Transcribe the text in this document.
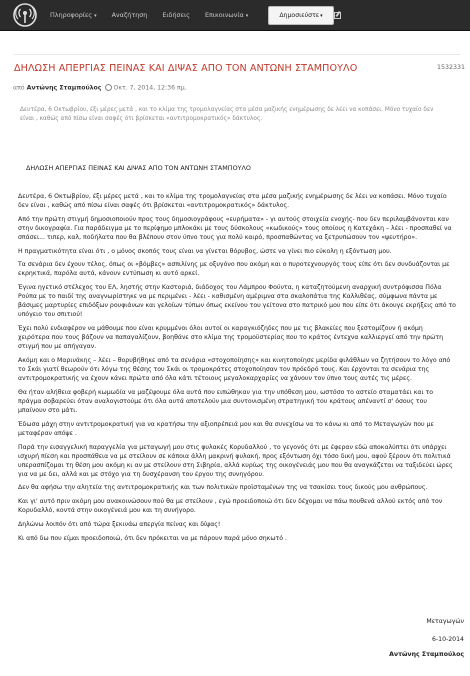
Πληροφορίες ▾ Αναζήτηση Ειδήσεις Επικοινωνία ▾	Δημοσιεύστε ▾
ΔΗΛΩΣΗ ΑΠΕΡΓΙΑΣ ΠΕΙΝΑΣ ΚΑΙ ΔΙΨΑΣ ΑΠΟ ΤΟΝ ΑΝΤΩΝΗ ΣΤΑΜΠΟΥΛΟ	1532331
από Αντώνης Σταμπούλος Οκτ. 7, 2014, 12:36 πμ.
Δευτέρα, 6 Οκτωβρίου, έξι μέρες μετά , και το κλίμα της τρομολαγνείας στα μέσα μαζικής ενημέρωσης δε λέει να κοπάσει. Μόνο τυχαίο δεν είναι , καθώς από πίσω είναι σαφές ότι βρίσκεται «αντιτρομοκρατικός» δάκτυλος.
ΔΗΛΩΣΗ ΑΠΕΡΓΙΑΣ ΠΕΙΝΑΣ ΚΑΙ ΔΙΨΑΣ ΑΠΟ ΤΟΝ ΑΝΤΩΝΗ ΣΤΑΜΠΟΥΛΟ

Δευτέρα, 6 Οκτωβρίου, έξι μέρες μετά , και το κλίμα της τρομολαγνείας στα μέσα μαζικής ενημέρωσης δε λέει να κοπάσει. Μόνο τυχαίο δεν είναι , καθώς από πίσω είναι σαφές ότι βρίσκεται «αντιτρομοκρατικός» δάκτυλος.

Από την πρώτη στιγμή δημοσιοποιούν προς τους δημοσιογράφους «ευρήματα» - γι αυτούς στοιχεία ενοχής- που δεν περιλαμβάνονται καν στην δικογραφία. Για παράδειγμα με το περίφημο μπλοκάκι με τους δύσκολους «κωδικούς» τους οποίους η Κατεχάκη – λέει - προσπαθεί να σπάσει... τιπερ, καλ, ποδήλατα που θα βλέπουν στον ύπνο τους για πολύ καιρό, προσπαθώντας να ξετρυπώσουν τον «ψευτήρο».

Η πραγματικότητα είναι ότι , ο μόνος σκοπός τους είναι να γίνεται θόρυβος, ώστε να γίνει πιο εύκολη η εξόντωση μου.

Τα σενάρια δεν έχουν τέλος, όπως οι «βόμβες» ασπιλίνης με οξυγόνο που ακόμη και ο πυροτεχνουργός τους είπε ότι δεν συνδυάζονται με εκρηκτικά, παρόλα αυτά, κάνουν εντύπωση κι αυτό αρκεί.

Έγινα ηγετικό στέλεχος του ΕΛ, ληστής στην Καστοριά, διάδοχος του Λάμπρου Φούντα, η καταζητούμενη αναρχική συντρόφισσα Πόλα Ρούπα με το παιδί της αναγνωρίστηκε να με περιμένει - λέει - καθισμένη αμέριμνα στα σκαλοπάτια της Καλλιθέας, σύμφωνα πάντα με βάσιμες μαρτυρίες επιδόξων ρουφιάνων και γελοίων τύπων όπως εκείνου του γείτονα στο πατρικό μου που είπε ότι άκουγε εκρήξεις από το υπόγειο του σπιτιού!

Έχει πολύ ενδιαφέρον να μάθουμε που είναι κρυμμένοι όλοι αυτοί οι καραγκιόζηδες που με τις βλακείες που ξεστομίζουν ή ακόμη χειρότερα που τους βάζουν να παπαγαλίζουν, βοηθάνε στο κλίμα της τρομοϋστερίας που το κράτος έντεχνα καλλιεργεί από την πρώτη στιγμή που με απήγαγαν.

Ακόμη και ο Μαρινάκης – λέει – θορυβήθηκε από τα σενάρια «στοχοποίησης» και κινητοποίησε μερίδα φιλάθλων να ζητήσουν το λόγο από το Σκάι γιατί θεωρούν ότι λόγω της θέσης του Σκάι οι τρομοκράτες στοχοποίησαν τον πρόεδρό τους. Και έρχονται τα σενάρια της αντιτρομοκρατικής να έχουν κάνει πρώτα από όλα κάτι τέτοιους μεγαλοκαρχαρίες να χάνουν τον ύπνο τους αυτές τις μέρες.

Θα ήταν αλήθεια φοβερή κωμωδία να μαζέψουμε όλα αυτά που ειπώθηκαν για την υπόθεση μου, ωστόσο το αστείο σταματάει και το πράγμα σοβαρεύει όταν αναλογιστούμε ότι όλα αυτά αποτελούν μια συντονισμένη στρατηγική του κράτους απέναντί σ' όσους του μπαίνουν στο μάτι.

Έδωσα μάχη στην αντιτρομοκρατική για να κρατήσω την αξιοπρέπειά μου και θα συνεχίσω να το κάνω κι από το Μεταγωγών που με μεταφέραν απόψε .

Παρά την εισαγγελική παραγγελία για μεταγωγή μου στις φυλακές Κορυδαλλού , το γεγονός ότι με έφεραν εδώ αποκαλύπτει ότι υπάρχει ισχυρή πίεση και προσπάθεια να με στείλουν σε κάποια άλλη μακρινή φυλακή, προς εξόντωση όχι τόσο δική μου, αφού ξέρουν ότι πολιτικά υπερασπίζομαι τη θέση μου ακόμη κι αν με στείλουν στη Σιβηρία, αλλά κυρίως της οικογένειάς μου που θα αναγκάζεται να ταξιδεύει ώρες για να με δει, αλλά και με στόχο για τη δυσχέρανση του έργου της συνηγόρου.

Δεν θα αφήσω την αλητεία της αντιτρομοκρατικής και των πολιτικών προϊσταμένων της να τσακίσει τους δικούς μου ανθρώπους.

Και γι' αυτό πριν ακόμη μου ανακοινώσουν πού θα με στείλουν , εγώ προειδοποιώ ότι δεν δέχομαι να πάω πουθενά αλλού εκτός από τον Κορυδαλλό, κοντά στην οικογένειά μου και τη συνήγορο.

Δηλώνω λοιπόν ότι από τώρα ξεκινάω απεργία πείνας και δίψας!

Κι από δω που είμαι προειδοποιώ, ότι δεν πρόκειται να με πάρουν παρά μόνο σηκωτό .

Μεταγωγών
6-10-2014
Αντώνης Σταμπούλος
